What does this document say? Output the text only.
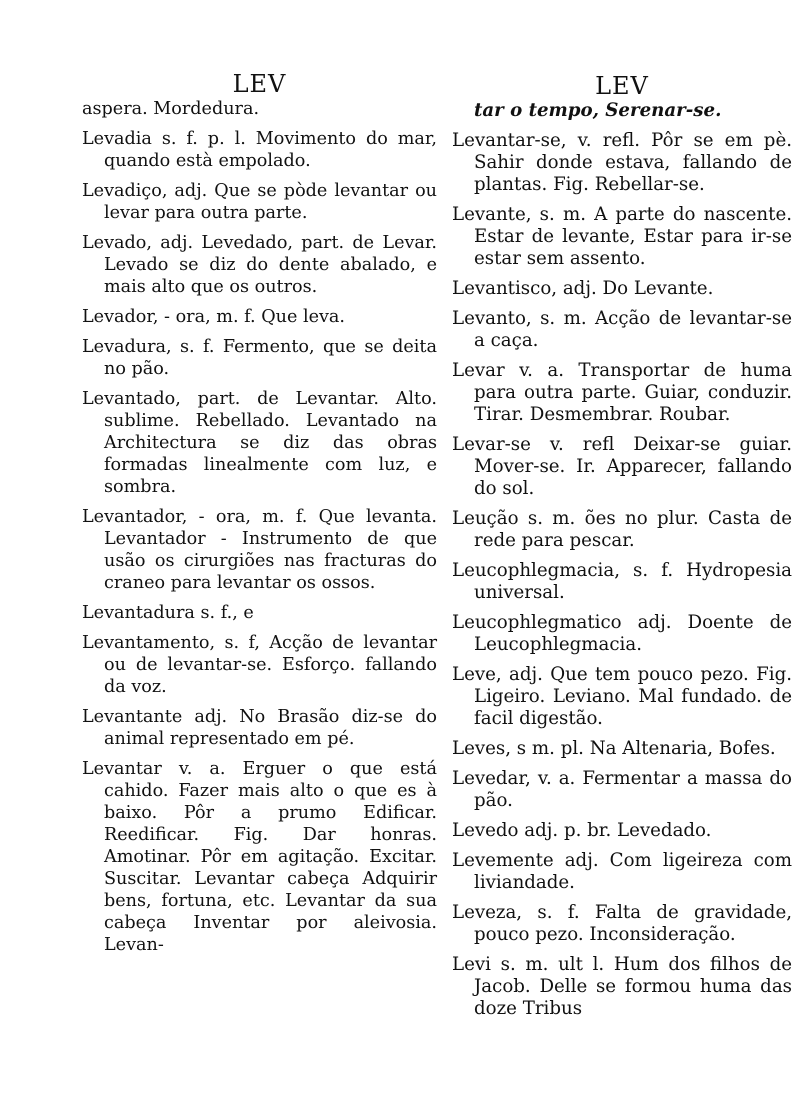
LEV

aspera. Mordedura.

Levadia s. f. p. l. Movimento do mar, quando està empolado.

Levadiço, adj. Que se pòde levantar ou levar para outra parte.

Levado, adj. Levedado, part. de Levar. Levado se diz do dente abalado, e mais alto que os outros.

Levador, - ora, m. f. Que leva.

Levadura, s. f. Fermento, que se deita no pão.

Levantado, part. de Levantar. Alto. sublime. Rebellado. Levantado na Architectura se diz das obras formadas linealmente com luz, e sombra.

Levantador, - ora, m. f. Que levanta. Levantador - Instrumento de que usão os cirurgiões nas fracturas do craneo para levantar os ossos.

Levantadura s. f., e

Levantamento, s. f, Acção de levantar ou de levantar-se. Esforço. fallando da voz.

Levantante adj. No Brasão diz-se do animal representado em pé.

Levantar v. a. Erguer o que está cahido. Fazer mais alto o que es à baixo. Pôr a prumo Edificar. Reedificar. Fig. Dar honras. Amotinar. Pôr em agitação. Excitar. Suscitar. Levantar cabeça Adquirir bens, fortuna, etc. Levantar da sua cabeça Inventar por aleivosia. Levan-

LEV

tar o tempo, Serenar-se.

Levantar-se, v. refl. Pôr se em pè. Sahir donde estava, fallando de plantas. Fig. Rebellar-se.

Levante, s. m. A parte do nascente. Estar de levante, Estar para ir-se estar sem assento.

Levantisco, adj. Do Levante.

Levanto, s. m. Acção de levantar-se a caça.

Levar v. a. Transportar de huma para outra parte. Guiar, conduzir. Tirar. Desmembrar. Roubar.

Levar-se v. refl Deixar-se guiar. Mover-se. Ir. Apparecer, fallando do sol.

Leução s. m. ões no plur. Casta de rede para pescar.

Leucophlegmacia, s. f. Hydropesia universal.

Leucophlegmatico adj. Doente de Leucophlegmacia.

Leve, adj. Que tem pouco pezo. Fig. Ligeiro. Leviano. Mal fundado. de facil digestão.

Leves, s m. pl. Na Altenaria, Bofes.

Levedar, v. a. Fermentar a massa do pão.

Levedo adj. p. br. Levedado.

Levemente adj. Com ligeireza com liviandade.

Leveza, s. f. Falta de gravidade, pouco pezo. Inconsideração.

Levi s. m. ult l. Hum dos filhos de Jacob. Delle se formou huma das doze Tribus
